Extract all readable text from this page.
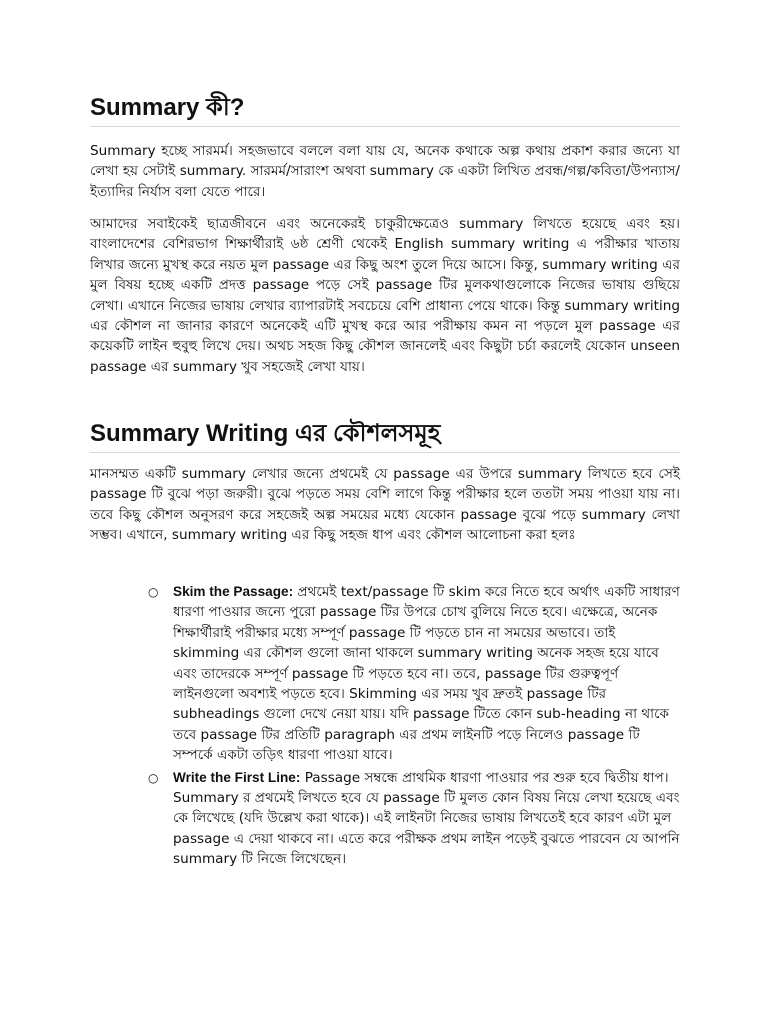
Summary কী?

Summary হচ্ছে সারমর্ম। সহজভাবে বললে বলা যায় যে, অনেক কথাকে অল্প কথায় প্রকাশ করার জন্যে যা লেখা হয় সেটাই summary. সারমর্ম/সারাংশ অথবা summary কে একটা লিখিত প্রবন্ধ/গল্প/কবিতা/উপন্যাস/ইত্যাদির নির্যাস বলা যেতে পারে।

আমাদের সবাইকেই ছাত্রজীবনে এবং অনেকেরই চাকুরীক্ষেত্রেও summary লিখতে হয়েছে এবং হয়। বাংলাদেশের বেশিরভাগ শিক্ষার্থীরাই ৬ষ্ঠ শ্রেণী থেকেই English summary writing এ পরীক্ষার খাতায় লিখার জন্যে মুখস্থ করে নয়ত মুল passage এর কিছু অংশ তুলে দিয়ে আসে। কিন্তু, summary writing এর মুল বিষয় হচ্ছে একটি প্রদত্ত passage পড়ে সেই passage টির মুলকথাগুলোকে নিজের ভাষায় গুছিয়ে লেখা। এখানে নিজের ভাষায় লেখার ব্যাপারটাই সবচেয়ে বেশি প্রাধান্য পেয়ে থাকে। কিন্তু summary writing এর কৌশল না জানার কারণে অনেকেই এটি মুখস্থ করে আর পরীক্ষায় কমন না পড়লে মুল passage এর কয়েকটি লাইন হুবুহু লিখে দেয়। অথচ সহজ কিছু কৌশল জানলেই এবং কিছুটা চর্চা করলেই যেকোন unseen passage এর summary খুব সহজেই লেখা যায়।

Summary Writing এর কৌশলসমূহ

মানসম্মত একটি summary লেখার জন্যে প্রথমেই যে passage এর উপরে summary লিখতে হবে সেই passage টি বুঝে পড়া জরুরী। বুঝে পড়তে সময় বেশি লাগে কিন্তু পরীক্ষার হলে ততটা সময় পাওয়া যায় না। তবে কিছু কৌশল অনুসরণ করে সহজেই অল্প সময়ের মধ্যে যেকোন passage বুঝে পড়ে summary লেখা সম্ভব। এখানে, summary writing এর কিছু সহজ ধাপ এবং কৌশল আলোচনা করা হলঃ

○ Skim the Passage: প্রথমেই text/passage টি skim করে নিতে হবে অর্থাৎ একটি সাধারণ ধারণা পাওয়ার জন্যে পুরো passage টির উপরে চোখ বুলিয়ে নিতে হবে। এক্ষেত্রে, অনেক শিক্ষার্থীরাই পরীক্ষার মধ্যে সম্পূর্ণ passage টি পড়তে চান না সময়ের অভাবে। তাই skimming এর কৌশল গুলো জানা থাকলে summary writing অনেক সহজ হয়ে যাবে এবং তাদেরকে সম্পূর্ণ passage টি পড়তে হবে না। তবে, passage টির গুরুত্বপূর্ণ লাইনগুলো অবশ্যই পড়তে হবে। Skimming এর সময় খুব দ্রুতই passage টির subheadings গুলো দেখে নেয়া যায়। যদি passage টিতে কোন sub-heading না থাকে তবে passage টির প্রতিটি paragraph এর প্রথম লাইনটি পড়ে নিলেও passage টি সম্পর্কে একটা তড়িৎ ধারণা পাওয়া যাবে।
○ Write the First Line: Passage সম্বন্ধে প্রাথমিক ধারণা পাওয়ার পর শুরু হবে দ্বিতীয় ধাপ। Summary র প্রথমেই লিখতে হবে যে passage টি মুলত কোন বিষয় নিয়ে লেখা হয়েছে এবং কে লিখেছে (যদি উল্লেখ করা থাকে)। এই লাইনটা নিজের ভাষায় লিখতেই হবে কারণ এটা মুল passage এ দেয়া থাকবে না। এতে করে পরীক্ষক প্রথম লাইন পড়েই বুঝতে পারবেন যে আপনি summary টি নিজে লিখেছেন।
